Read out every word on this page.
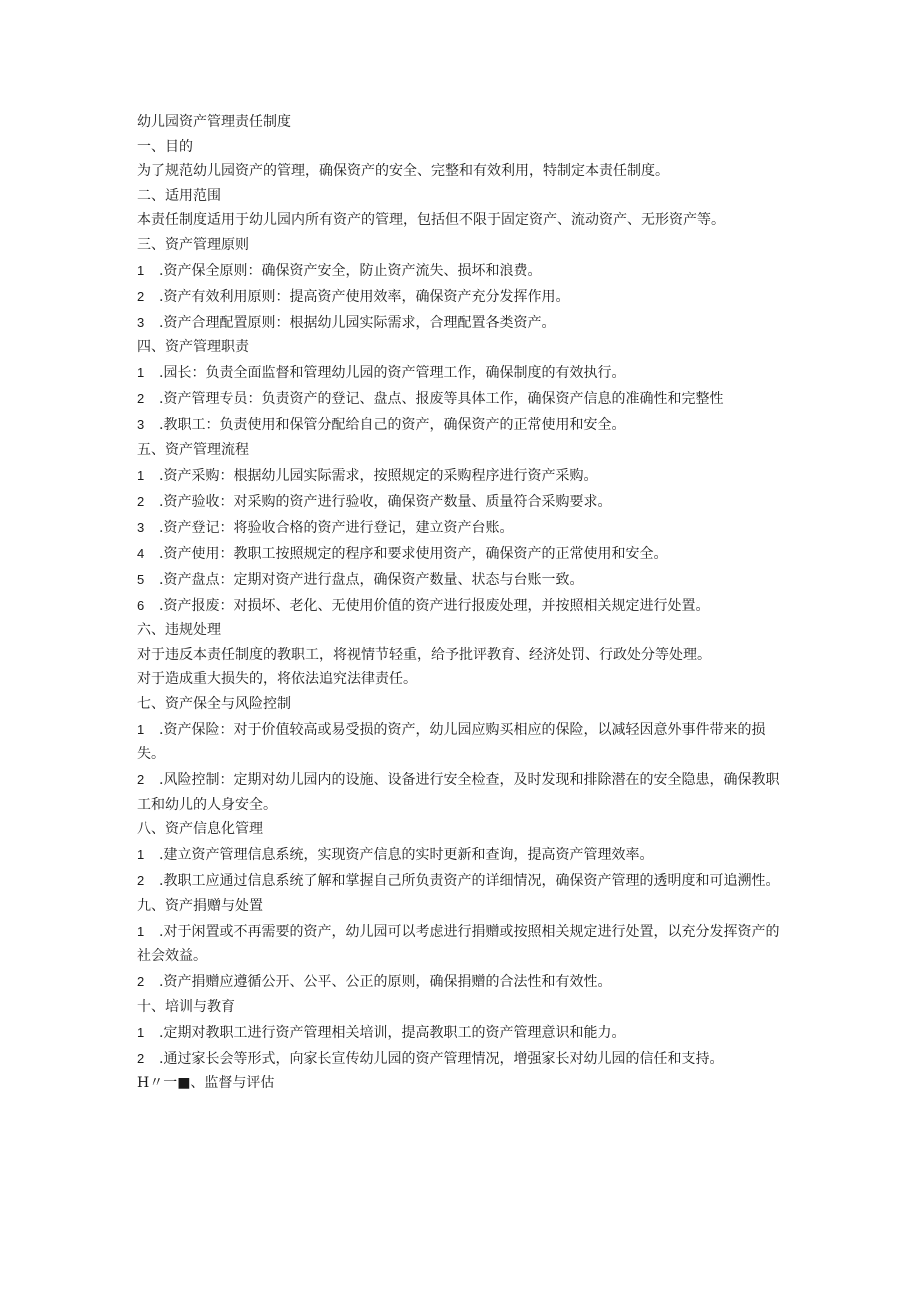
幼儿园资产管理责任制度

一、目的

为了规范幼儿园资产的管理，确保资产的安全、完整和有效利用，特制定本责任制度。

二、适用范围

本责任制度适用于幼儿园内所有资产的管理，包括但不限于固定资产、流动资产、无形资产等。

三、资产管理原则

1 .资产保全原则：确保资产安全，防止资产流失、损坏和浪费。

2 .资产有效利用原则：提高资产使用效率，确保资产充分发挥作用。

3 .资产合理配置原则：根据幼儿园实际需求，合理配置各类资产。

四、资产管理职责

1 .园长：负责全面监督和管理幼儿园的资产管理工作，确保制度的有效执行。

2 .资产管理专员：负责资产的登记、盘点、报废等具体工作，确保资产信息的准确性和完整性

3 .教职工：负责使用和保管分配给自己的资产，确保资产的正常使用和安全。

五、资产管理流程

1 .资产采购：根据幼儿园实际需求，按照规定的采购程序进行资产采购。

2 .资产验收：对采购的资产进行验收，确保资产数量、质量符合采购要求。

3 .资产登记：将验收合格的资产进行登记，建立资产台账。

4 .资产使用：教职工按照规定的程序和要求使用资产，确保资产的正常使用和安全。

5 .资产盘点：定期对资产进行盘点，确保资产数量、状态与台账一致。

6 .资产报废：对损坏、老化、无使用价值的资产进行报废处理，并按照相关规定进行处置。

六、违规处理

对于违反本责任制度的教职工，将视情节轻重，给予批评教育、经济处罚、行政处分等处理。

对于造成重大损失的，将依法追究法律责任。

七、资产保全与风险控制

1 .资产保险：对于价值较高或易受损的资产，幼儿园应购买相应的保险，以减轻因意外事件带来的损失。

2 .风险控制：定期对幼儿园内的设施、设备进行安全检查，及时发现和排除潜在的安全隐患，确保教职工和幼儿的人身安全。

八、资产信息化管理

1 .建立资产管理信息系统，实现资产信息的实时更新和查询，提高资产管理效率。

2 .教职工应通过信息系统了解和掌握自己所负责资产的详细情况，确保资产管理的透明度和可追溯性。

九、资产捐赠与处置

1 .对于闲置或不再需要的资产，幼儿园可以考虑进行捐赠或按照相关规定进行处置，以充分发挥资产的社会效益。

2 .资产捐赠应遵循公开、公平、公正的原则，确保捐赠的合法性和有效性。

十、培训与教育

1 .定期对教职工进行资产管理相关培训，提高教职工的资产管理意识和能力。

2 .通过家长会等形式，向家长宣传幼儿园的资产管理情况，增强家长对幼儿园的信任和支持。

H〃一■、监督与评估
